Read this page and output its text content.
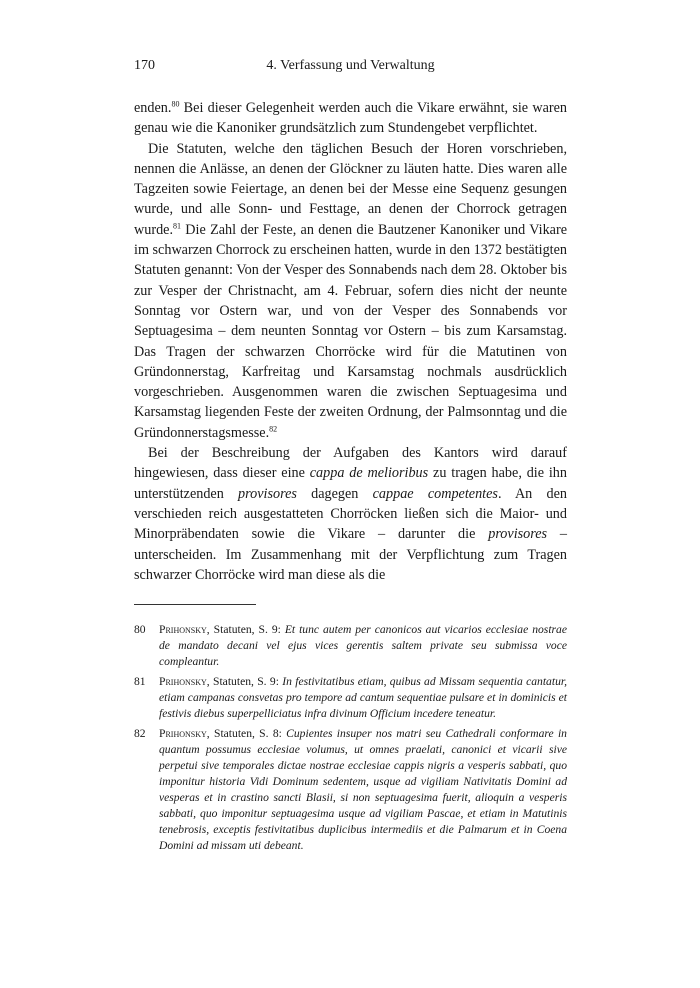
170	4. Verfassung und Verwaltung

enden.$^{80}$ Bei dieser Gelegenheit werden auch die Vikare erwähnt, sie waren genau wie die Kanoniker grundsätzlich zum Stundengebet verpflichtet.

Die Statuten, welche den täglichen Besuch der Horen vorschrieben, nennen die Anlässe, an denen der Glöckner zu läuten hatte. Dies waren alle Tagzeiten sowie Feiertage, an denen bei der Messe eine Sequenz gesungen wurde, und alle Sonn- und Festtage, an denen der Chorrock getragen wurde.$^{81}$ Die Zahl der Feste, an denen die Bautzener Kanoniker und Vikare im schwarzen Chorrock zu erscheinen hatten, wurde in den 1372 bestätigten Statuten genannt: Von der Vesper des Sonnabends nach dem 28. Oktober bis zur Vesper der Christnacht, am 4. Februar, sofern dies nicht der neunte Sonntag vor Ostern war, und von der Vesper des Sonnabends vor Septuagesima – dem neunten Sonntag vor Ostern – bis zum Karsamstag. Das Tragen der schwarzen Chorröcke wird für die Matutinen von Gründonnerstag, Karfreitag und Karsamstag nochmals ausdrücklich vorgeschrieben. Ausgenommen waren die zwischen Septuagesima und Karsamstag liegenden Feste der zweiten Ordnung, der Palmsonntag und die Gründonnerstagsmesse.$^{82}$

Bei der Beschreibung der Aufgaben des Kantors wird darauf hingewiesen, dass dieser eine cappa de melioribus zu tragen habe, die ihn unterstützenden provisores dagegen cappae competentes. An den verschieden reich ausgestatteten Chorröcken ließen sich die Maior- und Minorpräbendaten sowie die Vikare – darunter die provisores – unterscheiden. Im Zusammenhang mit der Verpflichtung zum Tragen schwarzer Chorröcke wird man diese als die

80	Prihonsky, Statuten, S. 9: Et tunc autem per canonicos aut vicarios ecclesiae nostrae de mandato decani vel ejus vices gerentis saltem private seu submissa voce compleantur.
81	Prihonsky, Statuten, S. 9: In festivitatibus etiam, quibus ad Missam sequentia cantatur, etiam campanas consvetas pro tempore ad cantum sequentiae pulsare et in dominicis et festivis diebus superpelliciatus infra divinum Officium incedere teneatur.
82	Prihonsky, Statuten, S. 8: Cupientes insuper nos matri seu Cathedrali conformare in quantum possumus ecclesiae volumus, ut omnes praelati, canonici et vicarii sive perpetui sive temporales dictae nostrae ecclesiae cappis nigris a vesperis sabbati, quo imponitur historia Vidi Dominum sedentem, usque ad vigiliam Nativitatis Domini ad vesperas et in crastino sancti Blasii, si non septuagesima fuerit, alioquin a vesperis sabbati, quo imponitur septuagesima usque ad vigiliam Pascae, et etiam in Matutinis tenebrosis, exceptis festivitatibus duplicibus intermediis et die Palmarum et in Coena Domini ad missam uti debeant.
